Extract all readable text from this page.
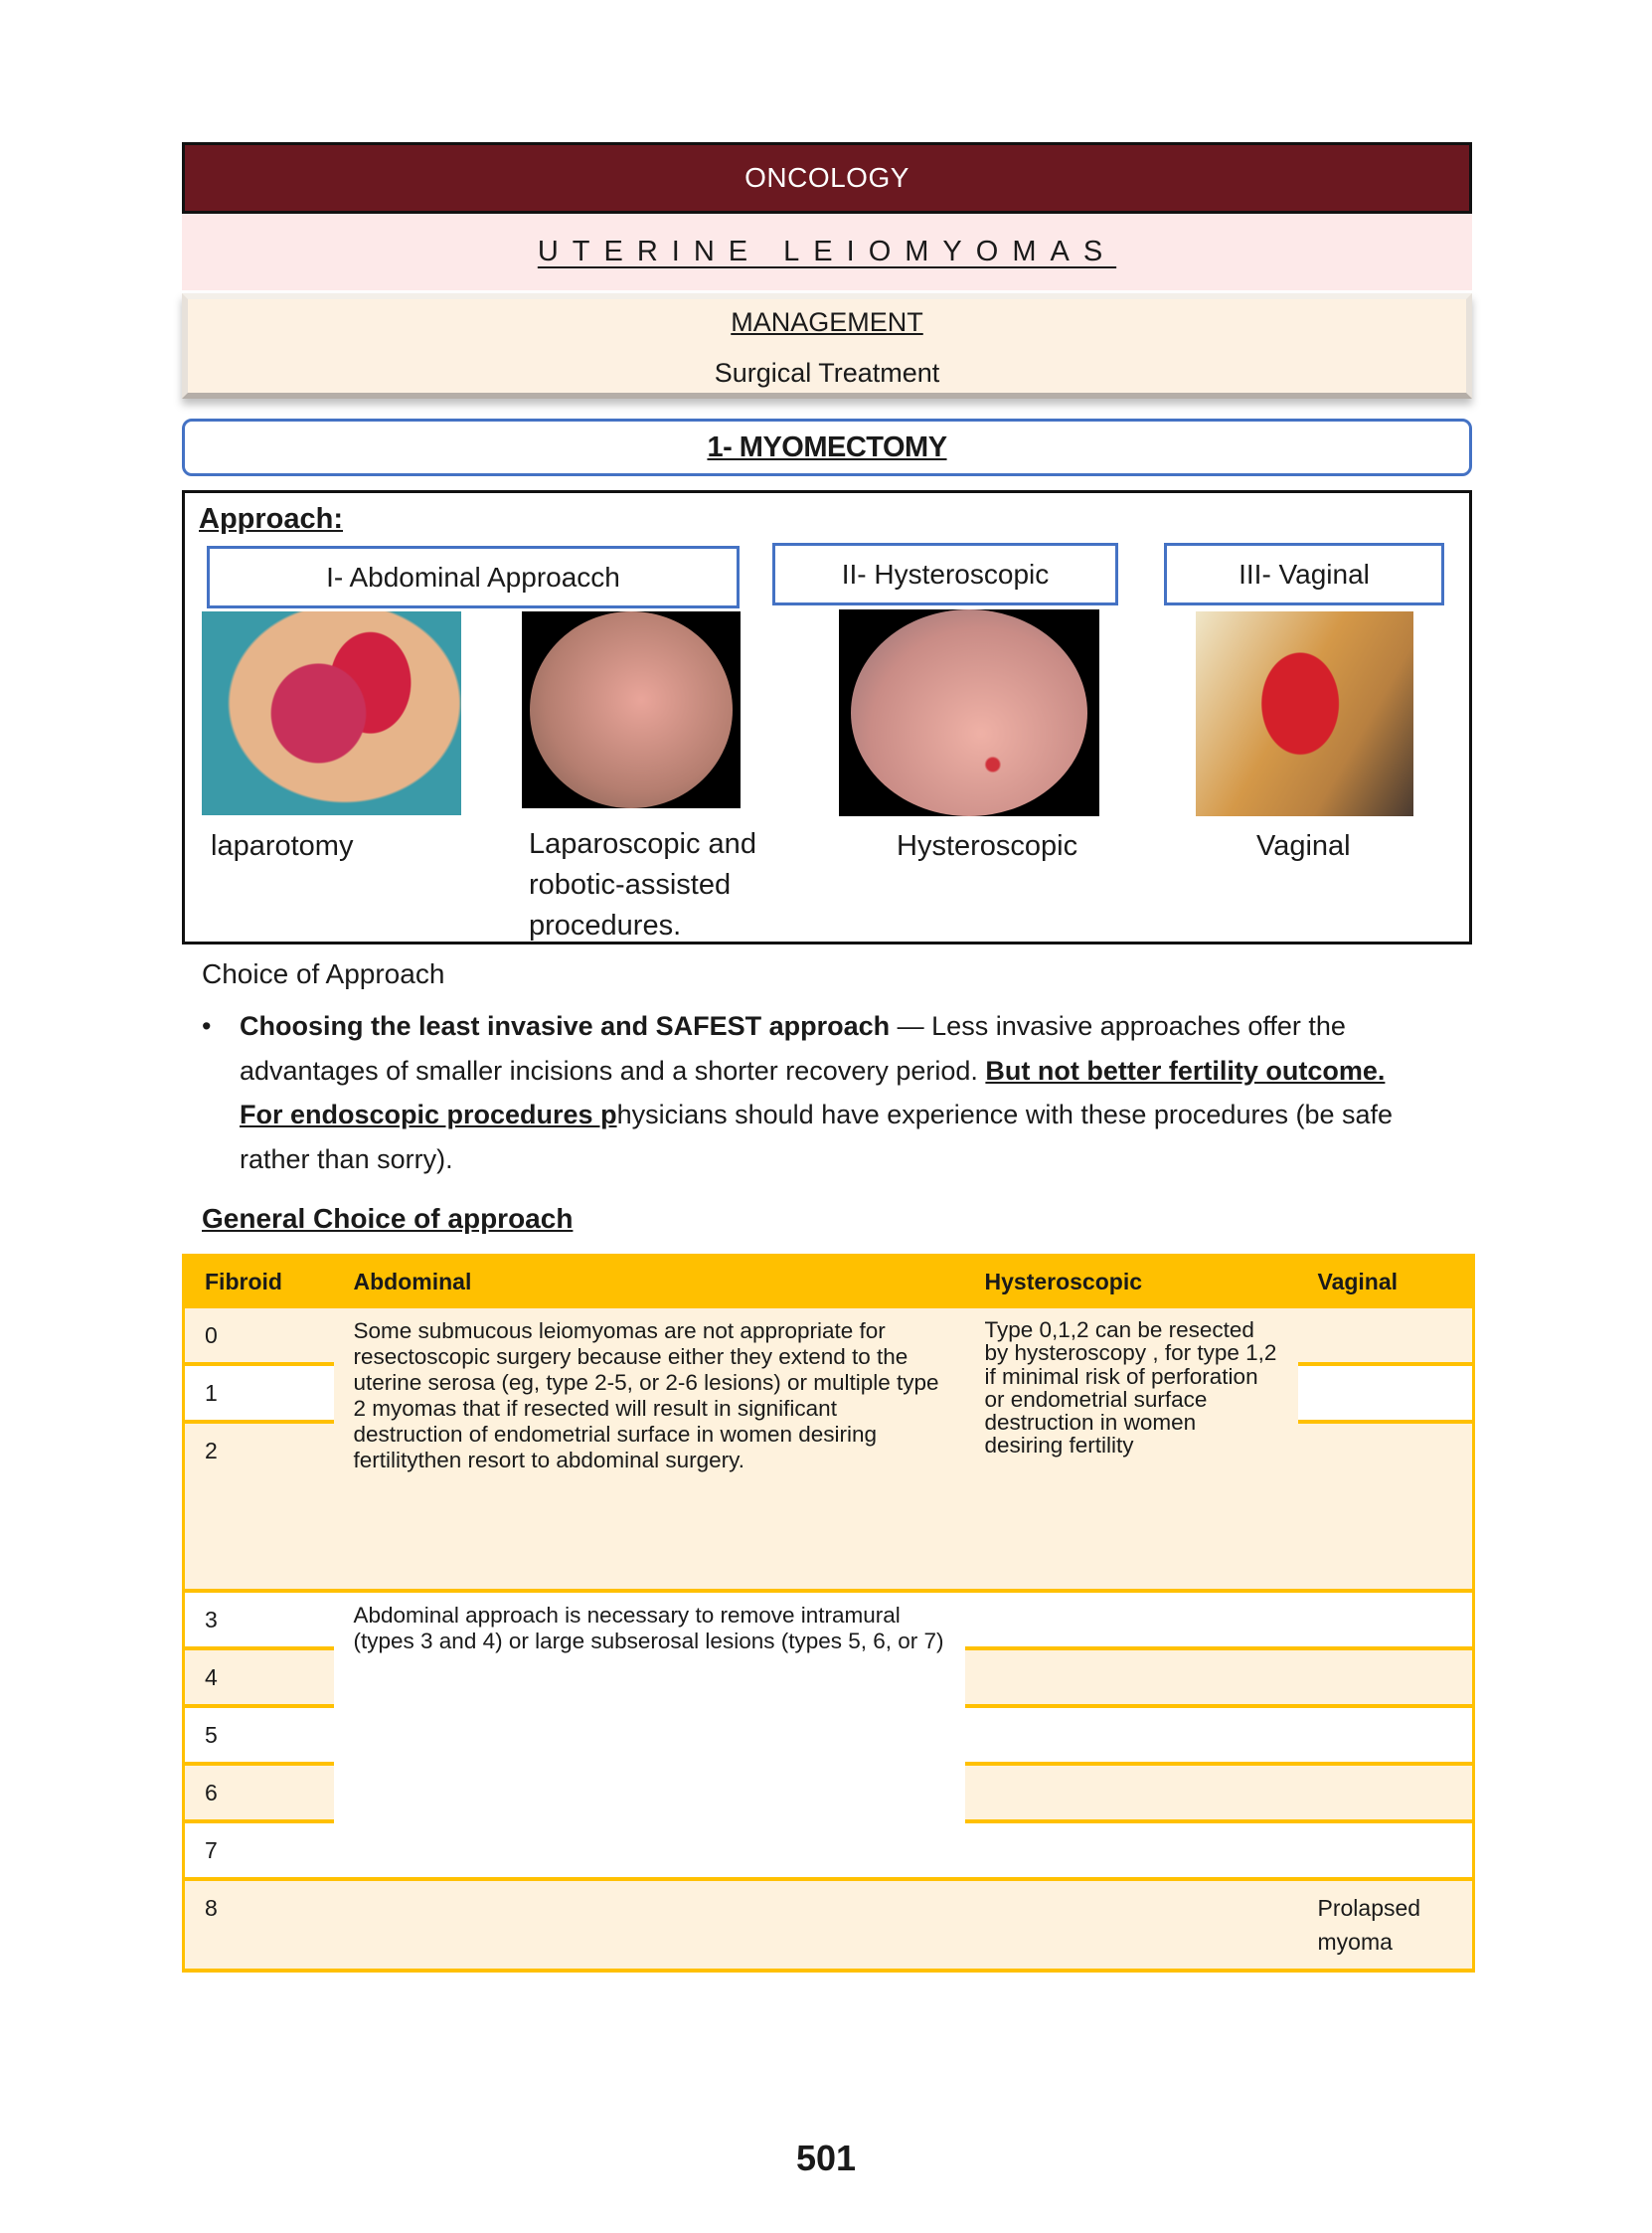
ONCOLOGY
UTERINE LEIOMYOMAS
MANAGEMENT
Surgical Treatment
1- MYOMECTOMY
Approach:
I- Abdominal Approacch	II- Hysteroscopic	III- Vaginal
laparotomy	Laparoscopic and robotic-assisted procedures.
Hysteroscopic	Vaginal
Choice of Approach
• Choosing the least invasive and SAFEST approach — Less invasive approaches offer the advantages of smaller incisions and a shorter recovery period. But not better fertility outcome. For endoscopic procedures physicians should have experience with these procedures (be safe rather than sorry).

General Choice of approach
Fibroid	Abdominal	Hysteroscopic	Vaginal
0	Some submucous leiomyomas are not appropriate for resectoscopic surgery because either they extend to the uterine serosa (eg, type 2-5, or 2-6 lesions) or multiple type 2 myomas that if resected will result in significant destruction of endometrial surface in women desiring fertilitythen resort to abdominal surgery.	Type 0,1,2 can be resected by hysteroscopy , for type 1,2 if minimal risk of perforation or endometrial surface destruction in women desiring fertility	
1			
2			
3	Abdominal approach is necessary to remove intramural (types 3 and 4) or large subserosal lesions (types 5, 6, or 7)		
4			
5			
6			
7			
8			Prolapsed myoma
501
